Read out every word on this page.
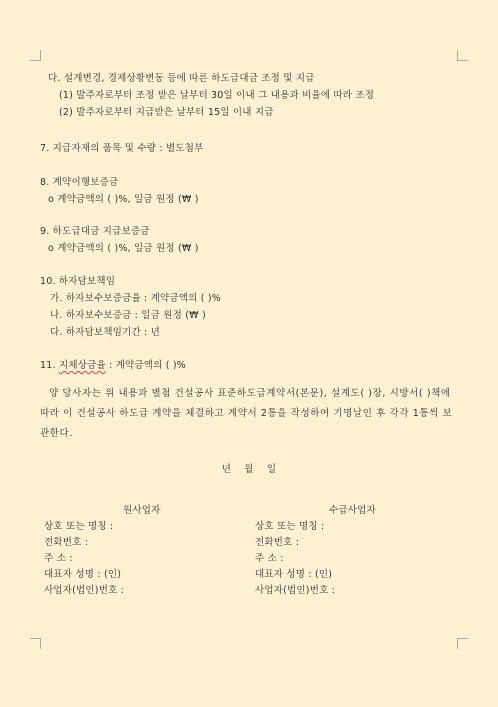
다. 설계변경, 경제상황변동 등에 따른 하도급대금 조정 및 지급
(1) 발주자로부터 조정 받은 날부터 30일 이내 그 내용과 비율에 따라 조정
(2) 발주자로부터 지급받은 날부터 15일 이내 지급
7. 지급자재의 품목 및 수량 : 별도첨부
8. 계약이행보증금
o 계약금액의 ( )%, 일금 원정 (₩ )
9. 하도급대금 지급보증금
o 계약금액의 ( )%, 일금 원정 (₩ )
10. 하자담보책임
가. 하자보수보증금율 : 계약금액의 ( )%
나. 하자보수보증금 : 일금 원정 (₩ )
다. 하자담보책임기간 : 년
11. 지체상금율 : 계약금액의 ( )%
양 당사자는 위 내용과 별첨 건설공사 표준하도급계약서(본문), 설계도( )장, 시방서( )책에 따라 이 건설공사 하도급 계약을 체결하고 계약서 2통을 작성하여 기명날인 후 각각 1통씩 보관한다.
년 월 일
원사업자
상호 또는 명칭 :
전화번호 :
주 소 :
대표자 성명 : (인)
사업자(법인)번호 :
수급사업자
상호 또는 명칭 :
전화번호 :
주 소 :
대표자 성명 : (인)
사업자(법인)번호 :
